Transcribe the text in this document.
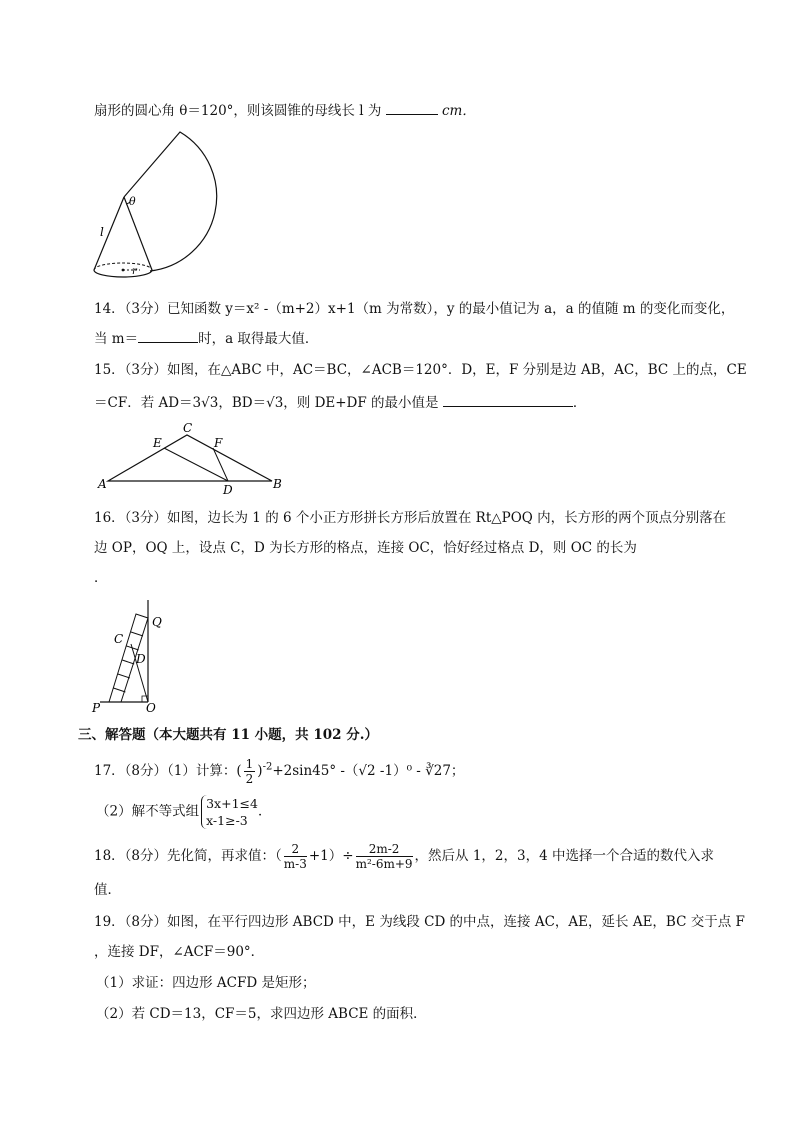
扇形的圆心角 θ＝120°，则该圆锥的母线长 l 为	cm．
θ
l
r
14．（3分）已知函数 y＝x² -（m+2）x+1（m 为常数），y 的最小值记为 a，a 的值随 m 的变化而变化，
当 m＝	时，a 取得最大值．
15．（3分）如图，在△ABC 中，AC＝BC，∠ACB＝120°．D，E，F 分别是边 AB，AC，BC 上的点，CE
＝CF．若 AD＝3√3，BD＝√3，则 DE+DF 的最小值是	．
A	B
C
D
E	F
16．（3分）如图，边长为 1 的 6 个小正方形拼长方形后放置在 Rt△POQ 内，长方形的两个顶点分别落在
边 OP，OQ 上，设点 C，D 为长方形的格点，连接 OC，恰好经过格点 D，则 OC 的长为
．
C
D
P	O
Q
三、解答题（本大题共有 11 小题，共 102 分.）
17．（8分）（1）计算：( $\frac{1}{2} )^{-2}+2\sin 45^\circ$ -（√2 -1）⁰ - ∛27；
（2）解不等式组 3x+1≤4
x-1≥-3
．
18．（8分）先化简，再求值：（ $\frac{2}{m-3} +1)\div \frac{2m-2}{\text{m²-6m+9}}$ ，然后从 1，2，3，4 中选择一个合适的数代入求
值．
19．（8分）如图，在平行四边形 ABCD 中，E 为线段 CD 的中点，连接 AC，AE，延长 AE，BC 交于点 F
，连接 DF，∠ACF＝90°．
（1）求证：四边形 ACFD 是矩形；
（2）若 CD＝13，CF＝5，求四边形 ABCE 的面积．
